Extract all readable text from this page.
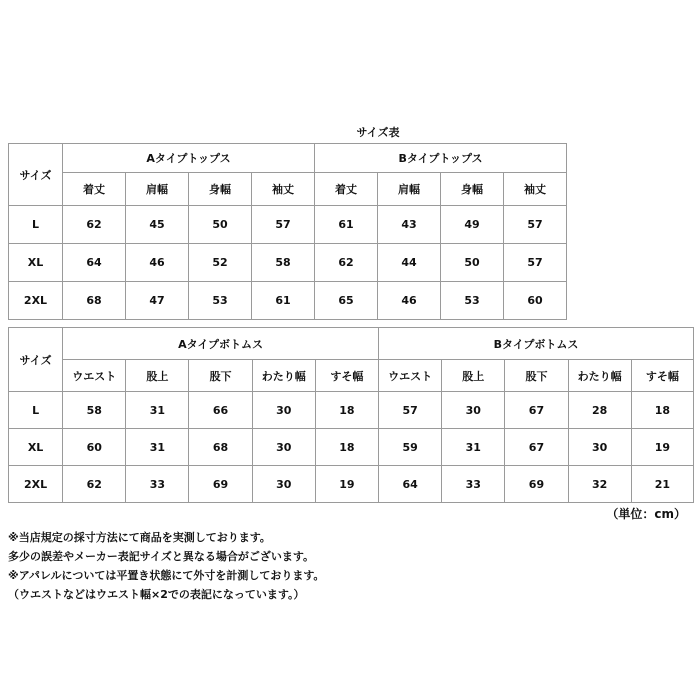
サイズ表
サイズ	Aタイプトップス				Bタイプトップス			
	着丈	肩幅	身幅	袖丈	着丈	肩幅	身幅	袖丈
L	62	45	50	57	61	43	49	57
XL	64	46	52	58	62	44	50	57
2XL	68	47	53	61	65	46	53	60
サイズ	Aタイプボトムス					Bタイプボトムス				
	ウエスト	股上	股下	わたり幅	すそ幅	ウエスト	股上	股下	わたり幅	すそ幅
L	58	31	66	30	18	57	30	67	28	18
XL	60	31	68	30	18	59	31	67	30	19
2XL	62	33	69	30	19	64	33	69	32	21
（単位：cm）
※当店規定の採寸方法にて商品を実測しております。
多少の誤差やメーカー表記サイズと異なる場合がございます。
※アパレルについては平置き状態にて外寸を計測しております。
（ウエストなどはウエスト幅×2での表記になっています。）
